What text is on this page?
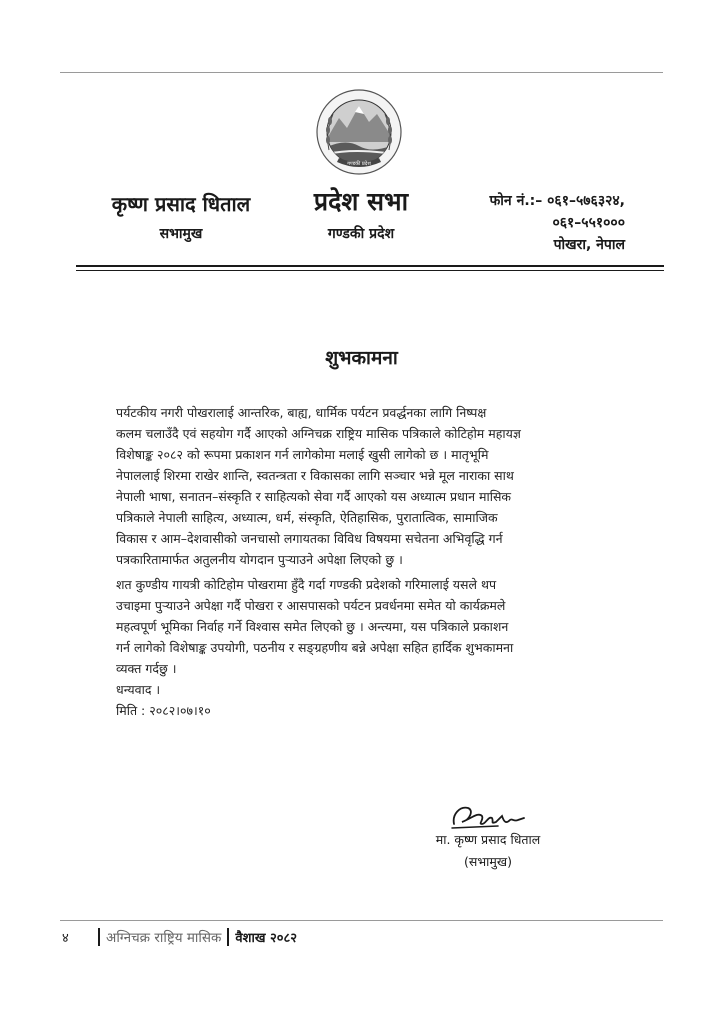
गण्डकी प्रदेश
कृष्ण प्रसाद धिताल
सभामुख
प्रदेश सभा
गण्डकी प्रदेश
फोन नं.:– ०६१–५७६३२४,
०६१–५५१०००
पोखरा, नेपाल
शुभकामना

पर्यटकीय नगरी पोखरालाई आन्तरिक, बाह्य, धार्मिक पर्यटन प्रवर्द्धनका लागि निष्पक्ष
कलम चलाउँदै एवं सहयोग गर्दै आएको अग्निचक्र राष्ट्रिय मासिक पत्रिकाले कोटिहोम महायज्ञ
विशेषाङ्क २०८२ को रूपमा प्रकाशन गर्न लागेकोमा मलाई खुसी लागेको छ । मातृभूमि
नेपाललाई शिरमा राखेर शान्ति, स्वतन्त्रता र विकासका लागि सञ्चार भन्ने मूल नाराका साथ
नेपाली भाषा, सनातन–संस्कृति र साहित्यको सेवा गर्दै आएको यस अध्यात्म प्रधान मासिक
पत्रिकाले नेपाली साहित्य, अध्यात्म, धर्म, संस्कृति, ऐतिहासिक, पुरातात्विक, सामाजिक
विकास र आम–देशवासीको जनचासो लगायतका विविध विषयमा सचेतना अभिवृद्धि गर्न
पत्रकारितामार्फत अतुलनीय योगदान पुर्‍याउने अपेक्षा लिएको छु ।

शत कुण्डीय गायत्री कोटिहोम पोखरामा हुँदै गर्दा गण्डकी प्रदेशको गरिमालाई यसले थप
उचाइमा पुर्‍याउने अपेक्षा गर्दै पोखरा र आसपासको पर्यटन प्रवर्धनमा समेत यो कार्यक्रमले
महत्वपूर्ण भूमिका निर्वाह गर्ने विश्वास समेत लिएको छु । अन्त्यमा, यस पत्रिकाले प्रकाशन
गर्न लागेको विशेषाङ्क उपयोगी, पठनीय र सङ्ग्रहणीय बन्ने अपेक्षा सहित हार्दिक शुभकामना
व्यक्त गर्दछु ।

धन्यवाद ।

मिति : २०८२।०७।१०

मा. कृष्ण प्रसाद धिताल
(सभामुख)
४	अग्निचक्र राष्ट्रिय मासिक वैशाख २०८२
